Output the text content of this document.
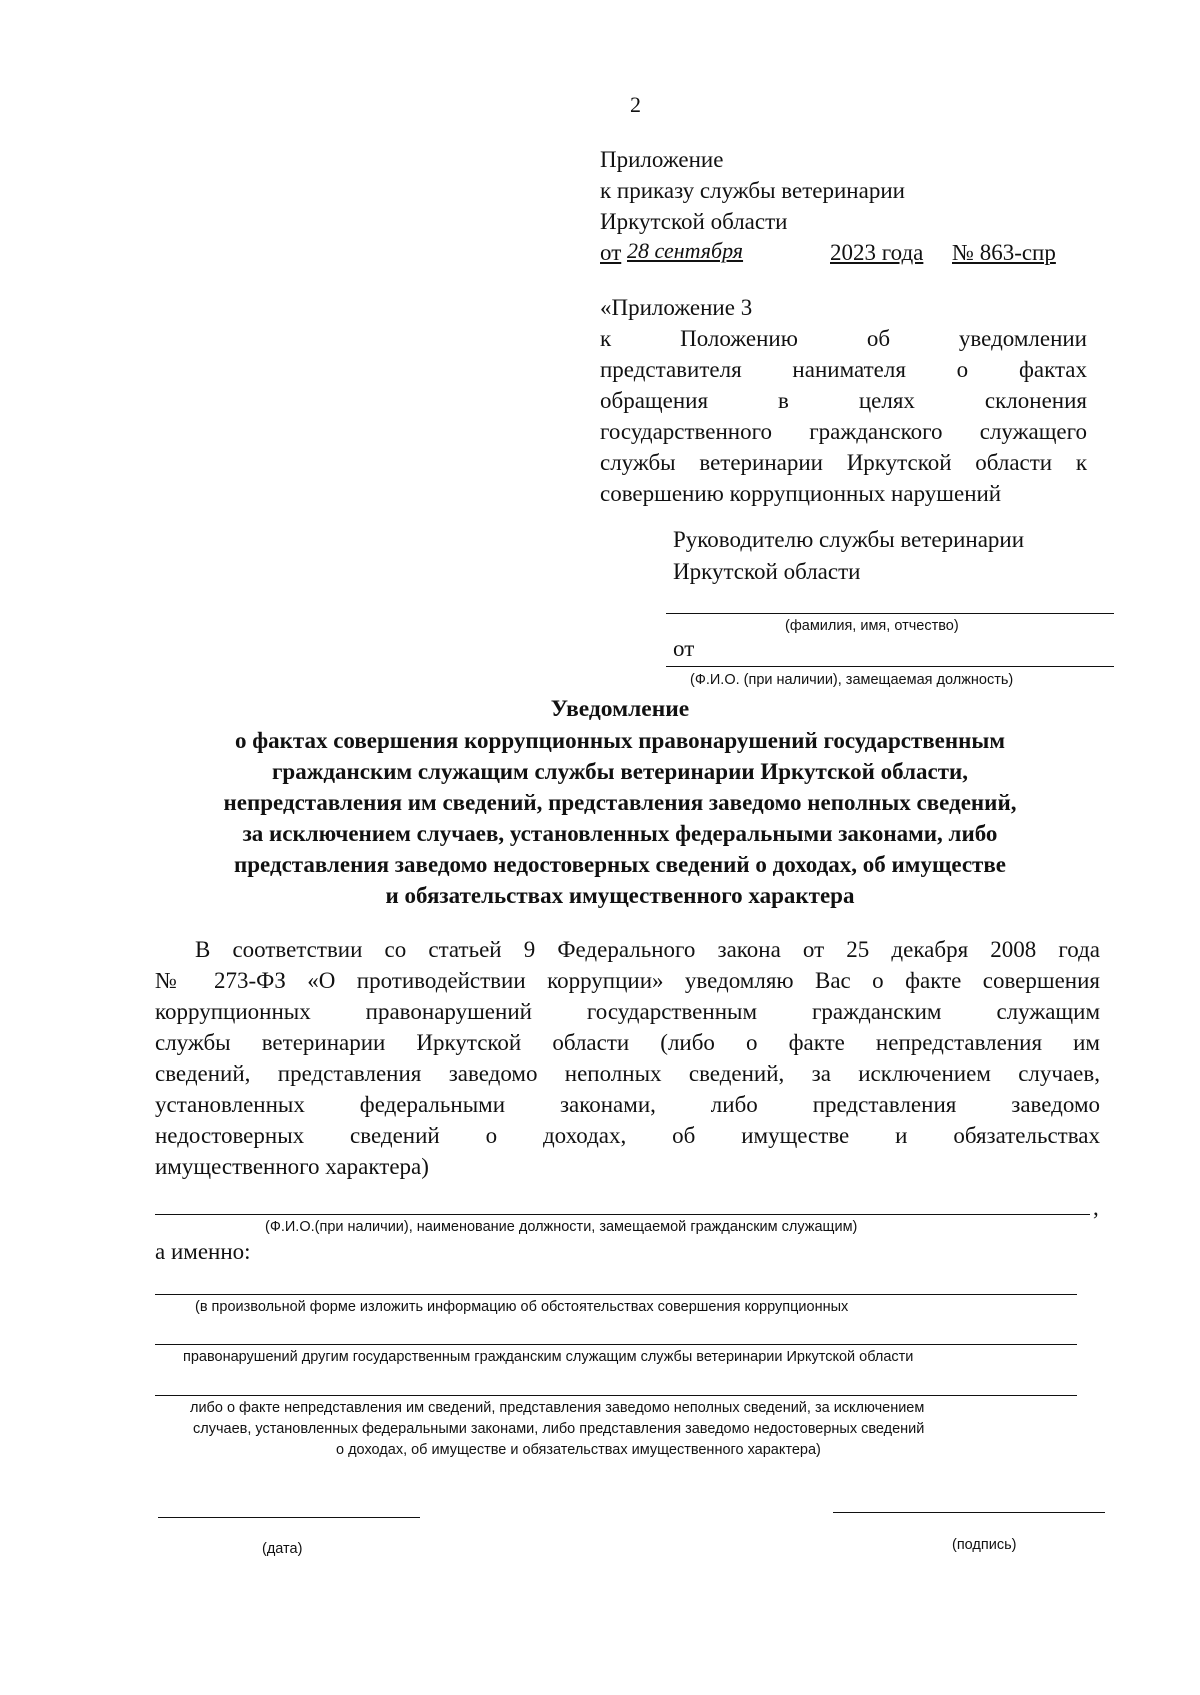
2
Приложение
к приказу службы ветеринарии
Иркутской области
от 28 сентября	2023 года № 863-спр
«Приложение 3
к Положению об уведомлении
представителя нанимателя о фактах
обращения в целях склонения
государственного гражданского служащего
службы ветеринарии Иркутской области к
совершению коррупционных нарушений
Руководителю службы ветеринарии
Иркутской области
(фамилия, имя, отчество)
от
(Ф.И.О. (при наличии), замещаемая должность)
Уведомление
о фактах совершения коррупционных правонарушений государственным
гражданским служащим службы ветеринарии Иркутской области,
непредставления им сведений, представления заведомо неполных сведений,
за исключением случаев, установленных федеральными законами, либо
представления заведомо недостоверных сведений о доходах, об имуществе
и обязательствах имущественного характера
В соответствии со статьей 9 Федерального закона от 25 декабря 2008 года
№ 273-ФЗ «О противодействии коррупции» уведомляю Вас о факте совершения
коррупционных правонарушений государственным гражданским служащим
службы ветеринарии Иркутской области (либо о факте непредставления им
сведений, представления заведомо неполных сведений, за исключением случаев,
установленных федеральными законами, либо представления заведомо
недостоверных сведений о доходах, об имуществе и обязательствах
имущественного характера)
,
(Ф.И.О.(при наличии), наименование должности, замещаемой гражданским служащим)
а именно:
(в произвольной форме изложить информацию об обстоятельствах совершения коррупционных
правонарушений другим государственным гражданским служащим службы ветеринарии Иркутской области
либо о факте непредставления им сведений, представления заведомо неполных сведений, за исключением
случаев, установленных федеральными законами, либо представления заведомо недостоверных сведений
о доходах, об имуществе и обязательствах имущественного характера)
(дата)	(подпись)
